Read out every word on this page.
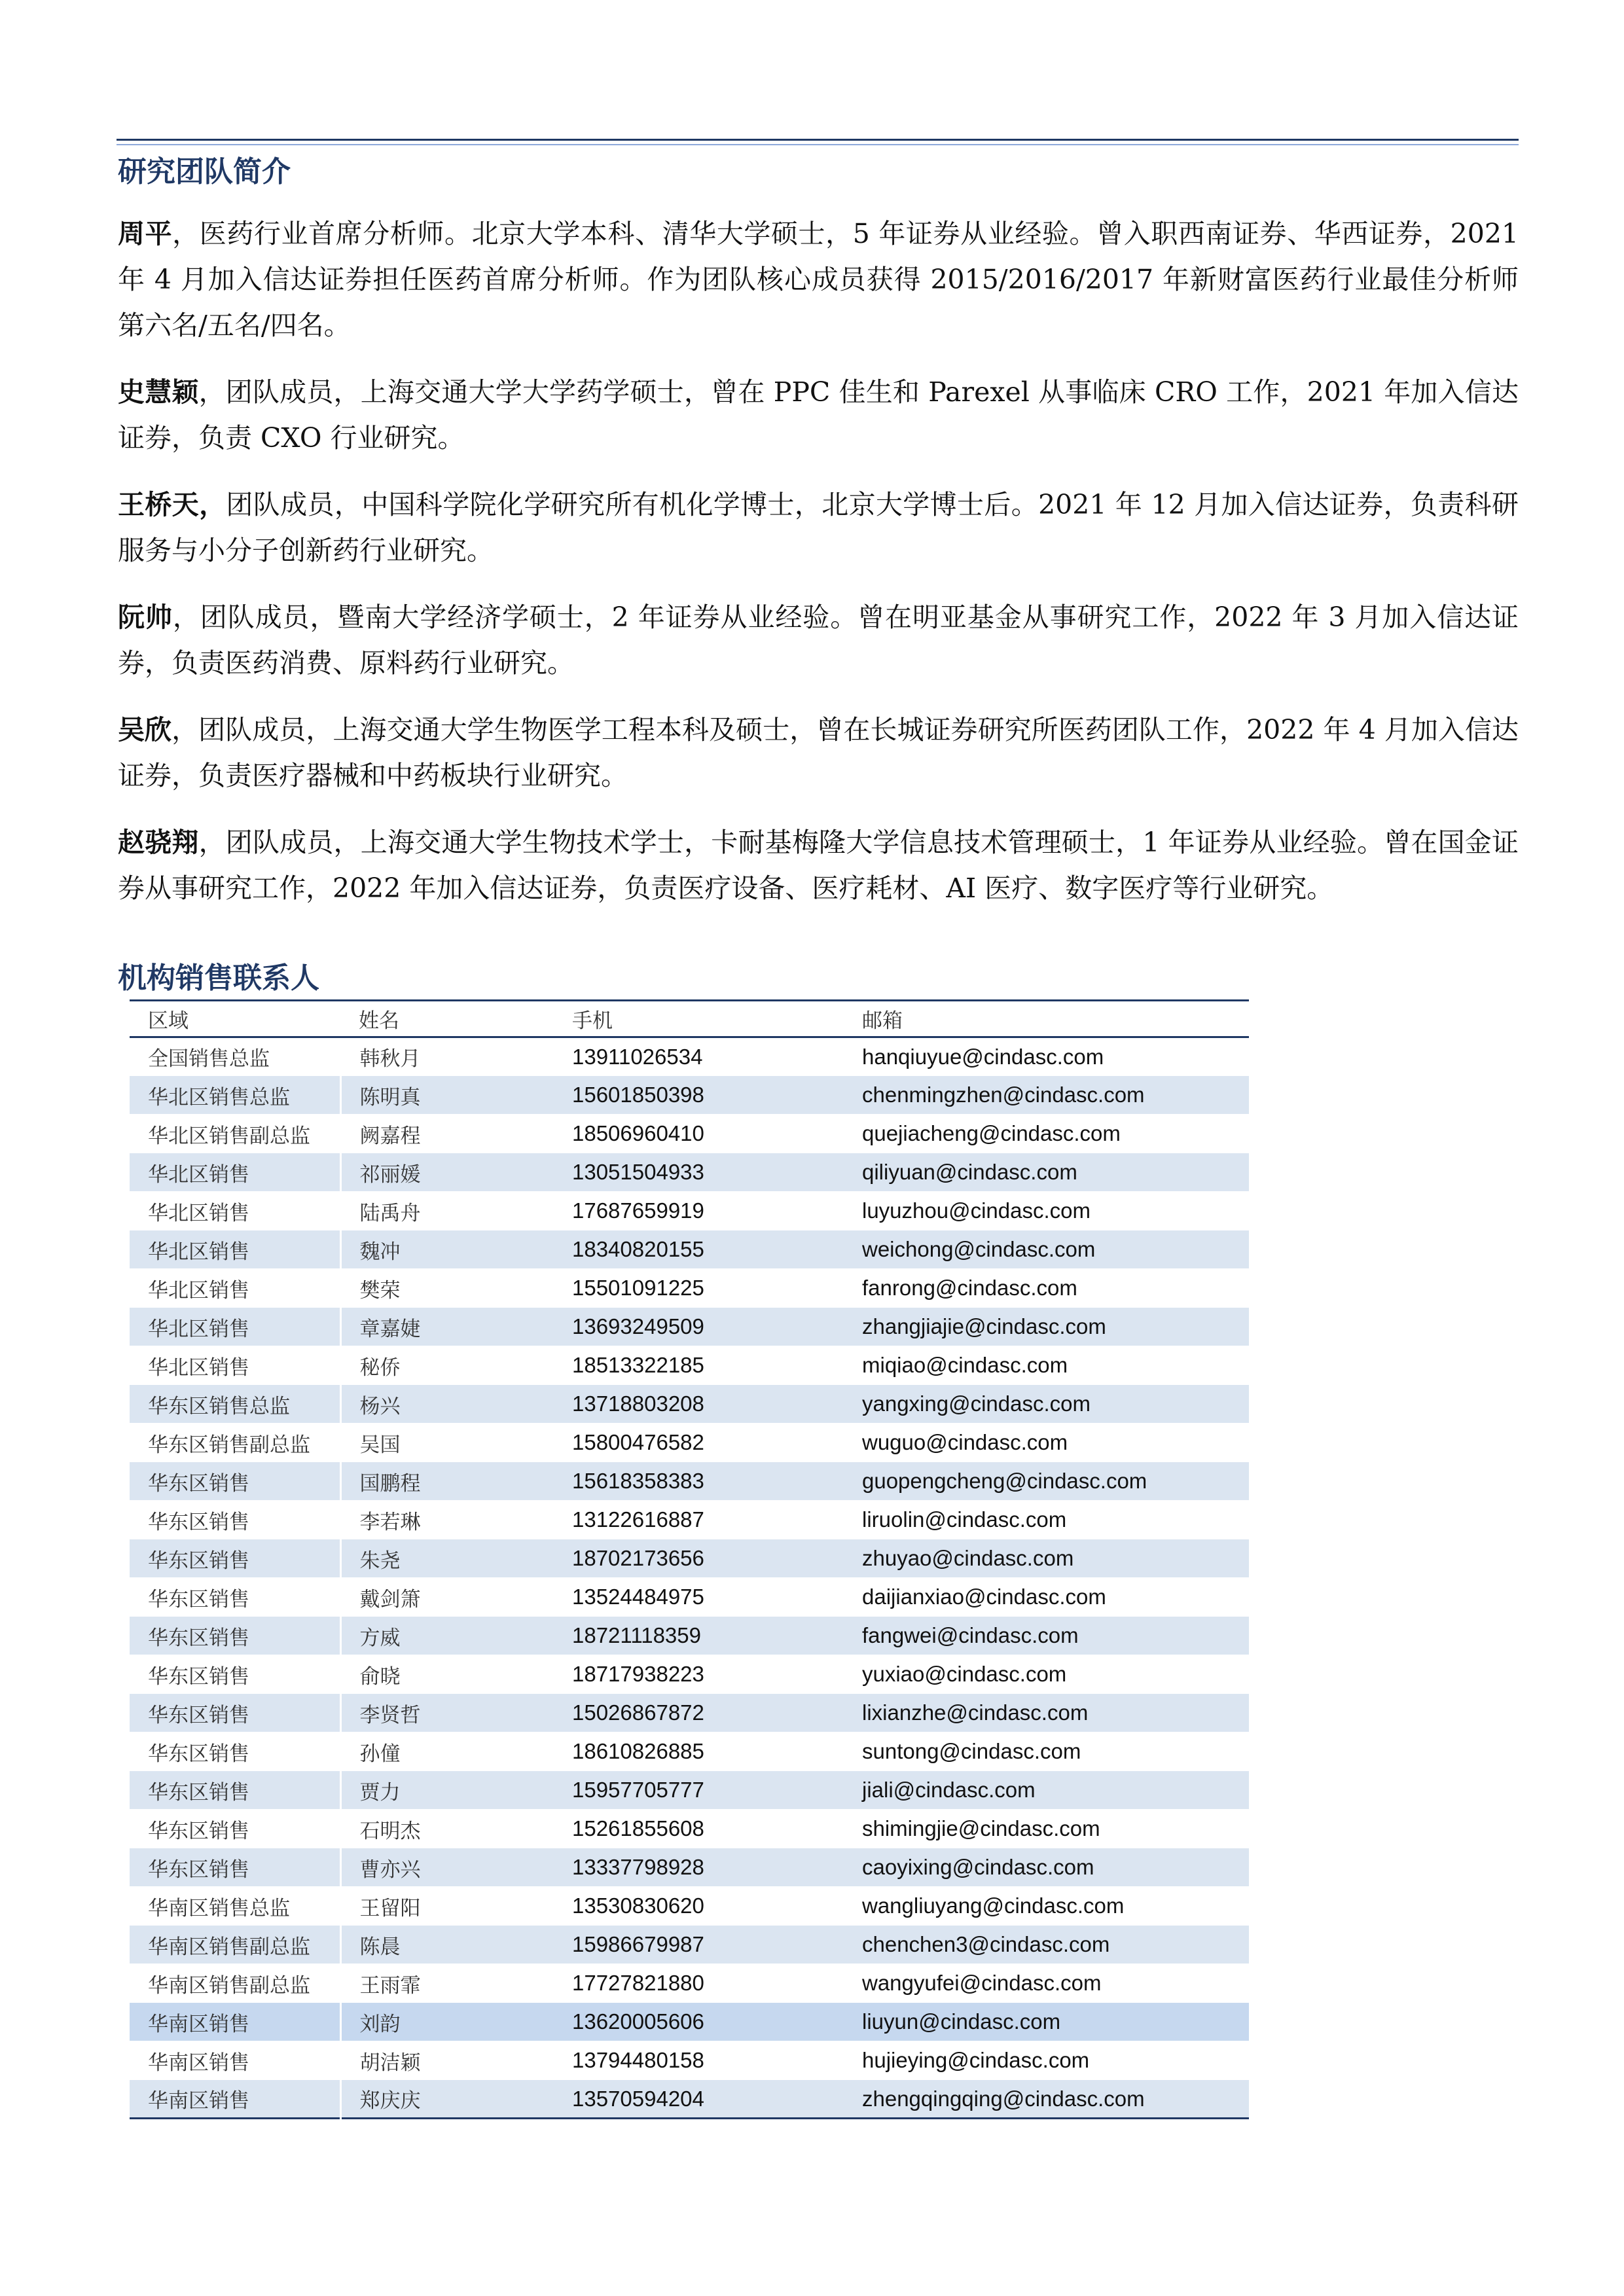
研究团队简介

周平，医药行业首席分析师。北京大学本科、清华大学硕士，5 年证券从业经验。曾入职西南证券、华西证券，2021 年 4 月加入信达证券担任医药首席分析师。作为团队核心成员获得 2015/2016/2017 年新财富医药行业最佳分析师第六名/五名/四名。

史慧颖，团队成员，上海交通大学大学药学硕士，曾在 PPC 佳生和 Parexel 从事临床 CRO 工作，2021 年加入信达证券，负责 CXO 行业研究。

王桥天，团队成员，中国科学院化学研究所有机化学博士，北京大学博士后。2021 年 12 月加入信达证券，负责科研服务与小分子创新药行业研究。

阮帅，团队成员，暨南大学经济学硕士，2 年证券从业经验。曾在明亚基金从事研究工作，2022 年 3 月加入信达证券，负责医药消费、原料药行业研究。

吴欣，团队成员，上海交通大学生物医学工程本科及硕士，曾在长城证券研究所医药团队工作，2022 年 4 月加入信达证券，负责医疗器械和中药板块行业研究。

赵骁翔，团队成员，上海交通大学生物技术学士，卡耐基梅隆大学信息技术管理硕士，1 年证券从业经验。曾在国金证券从事研究工作，2022 年加入信达证券，负责医疗设备、医疗耗材、AI 医疗、数字医疗等行业研究。

机构销售联系人
区域	姓名	手机	邮箱
全国销售总监	韩秋月	13911026534	hanqiuyue@cindasc.com
华北区销售总监	陈明真	15601850398	chenmingzhen@cindasc.com
华北区销售副总监	阙嘉程	18506960410	quejiacheng@cindasc.com
华北区销售	祁丽媛	13051504933	qiliyuan@cindasc.com
华北区销售	陆禹舟	17687659919	luyuzhou@cindasc.com
华北区销售	魏冲	18340820155	weichong@cindasc.com
华北区销售	樊荣	15501091225	fanrong@cindasc.com
华北区销售	章嘉婕	13693249509	zhangjiajie@cindasc.com
华北区销售	秘侨	18513322185	miqiao@cindasc.com
华东区销售总监	杨兴	13718803208	yangxing@cindasc.com
华东区销售副总监	吴国	15800476582	wuguo@cindasc.com
华东区销售	国鹏程	15618358383	guopengcheng@cindasc.com
华东区销售	李若琳	13122616887	liruolin@cindasc.com
华东区销售	朱尧	18702173656	zhuyao@cindasc.com
华东区销售	戴剑箫	13524484975	daijianxiao@cindasc.com
华东区销售	方威	18721118359	fangwei@cindasc.com
华东区销售	俞晓	18717938223	yuxiao@cindasc.com
华东区销售	李贤哲	15026867872	lixianzhe@cindasc.com
华东区销售	孙僮	18610826885	suntong@cindasc.com
华东区销售	贾力	15957705777	jiali@cindasc.com
华东区销售	石明杰	15261855608	shimingjie@cindasc.com
华东区销售	曹亦兴	13337798928	caoyixing@cindasc.com
华南区销售总监	王留阳	13530830620	wangliuyang@cindasc.com
华南区销售副总监	陈晨	15986679987	chenchen3@cindasc.com
华南区销售副总监	王雨霏	17727821880	wangyufei@cindasc.com
华南区销售	刘韵	13620005606	liuyun@cindasc.com
华南区销售	胡洁颖	13794480158	hujieying@cindasc.com
华南区销售	郑庆庆	13570594204	zhengqingqing@cindasc.com
